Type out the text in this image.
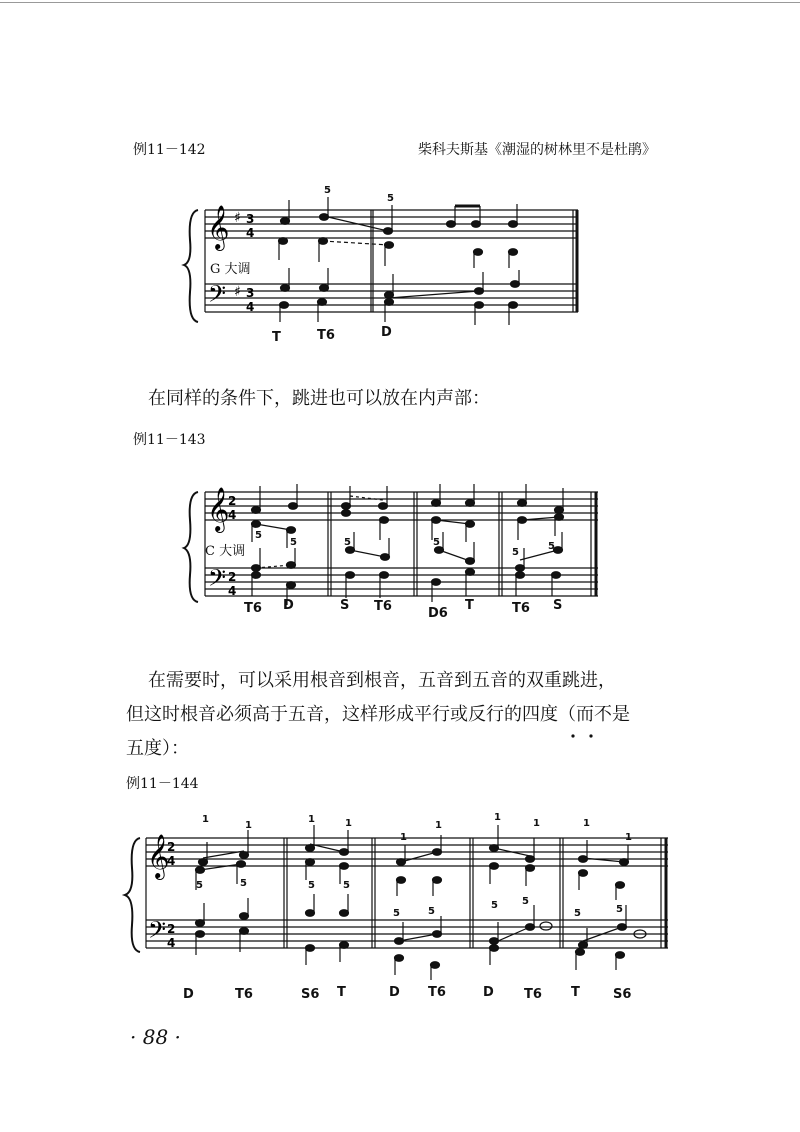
例11－142	柴科夫斯基《潮湿的树林里不是杜鹃》
𝄞
𝄢
♯
♯
3
4
3
4
5
5
G 大调
T	T6	D
在同样的条件下，跳进也可以放在内声部：
例11－143
𝄞
𝄢
2
4
2
4
5
5	5	5
5
5
C 大调
T6 D	S T6	D6
T	T6 S
在需要时，可以采用根音到根音，五音到五音的双重跳进，
但这时根音必须高于五音，这样形成平行或反行的四度（而不是
五度）：
例11－144
𝄞
𝄢
2
4
2
4
1
1
1	1
1
1
1
1	1
1
5	5	5	5
5	5
5 5
5	5
D	T6	S6 T	D T6	D T6 T	S6
· 88 ·
